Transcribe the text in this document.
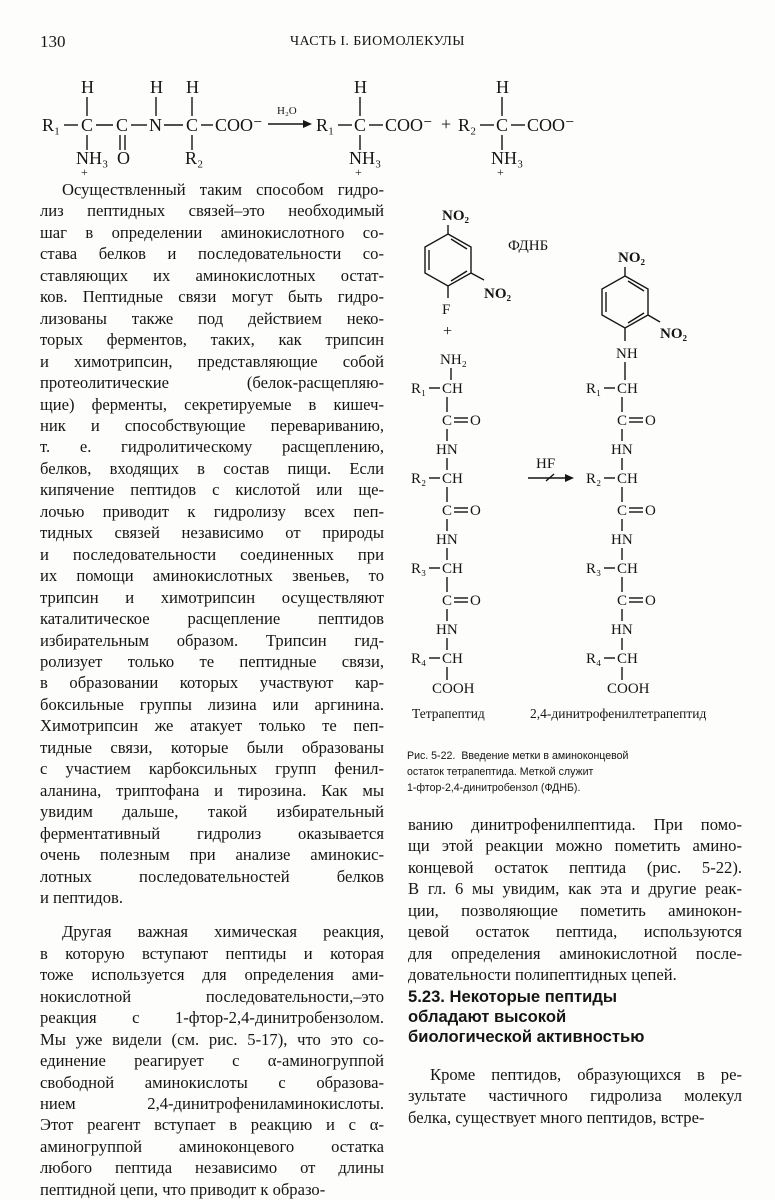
130	ЧАСТЬ I. БИОМОЛЕКУЛЫ
H	H H
R₁ C C N C COO⁻
NH₃
+
O	R₂
H₂O
H
R₁ C COO⁻
NH₃
+
+
H
R₂ C COO⁻
NH₃
+

Осуществленный таким способом гидро-
лиз пептидных связей–это необходимый
шаг в определении аминокислотного со-
става белков и последовательности со-
ставляющих их аминокислотных остат-
ков. Пептидные связи могут быть гидро-
лизованы также под действием неко-
торых ферментов, таких, как трипсин
и химотрипсин, представляющие собой
протеолитические (белок-расщепляю-
щие) ферменты, секретируемые в кишеч-
ник и способствующие перевариванию,
т. е. гидролитическому расщеплению,
белков, входящих в состав пищи. Если
кипячение пептидов с кислотой или ще-
лочью приводит к гидролизу всех пеп-
тидных связей независимо от природы
и последовательности соединенных при
их помощи аминокислотных звеньев, то
трипсин и химотрипсин осуществляют
каталитическое расщепление пептидов
избирательным образом. Трипсин гид-
ролизует только те пептидные связи,
в образовании которых участвуют кар-
боксильные группы лизина или аргинина.
Химотрипсин же атакует только те пеп-
тидные связи, которые были образованы
с участием карбоксильных групп фенил-
аланина, триптофана и тирозина. Как мы
увидим дальше, такой избирательный
ферментативный гидролиз оказывается
очень полезным при анализе аминокис-
лотных последовательностей белков
и пептидов.

Другая важная химическая реакция,
в которую вступают пептиды и которая
тоже используется для определения ами-
нокислотной последовательности,–это
реакция с 1-фтор-2,4-динитробензолом.
Мы уже видели (см. рис. 5-17), что это со-
единение реагирует с α-аминогруппой
свободной аминокислоты с образова-
нием 2,4-динитрофениламинокислоты.
Этот реагент вступает в реакцию и с α-
аминогруппой аминоконцевого остатка
любого пептида независимо от длины
пептидной цепи, что приводит к образо-

NO₂
NO₂
F
ФДНБ
+
NH₂
R₁ CH
C O
HN
R₂ CH
C O
HN
R₃ CH
C O
HN
R₄ CH
COOH
HF
NO₂
NO₂
NH
R₁ CH
C O
HN
R₂ CH
C O
HN
R₃ CH
C O
HN
R₄ CH
COOH
Тетрапептид	2,4-динитрофенилтетрапептид
Рис. 5-22. Введение метки в аминоконцевой
остаток тетрапептида. Меткой служит
1-фтор-2,4-динитробензол (ФДНБ).

ванию динитрофенилпептида. При помо-
щи этой реакции можно пометить амино-
концевой остаток пептида (рис. 5-22).
В гл. 6 мы увидим, как эта и другие реак-
ции, позволяющие пометить аминокон-
цевой остаток пептида, используются
для определения аминокислотной после-
довательности полипептидных цепей.

5.23. Некоторые пептиды
обладают высокой
биологической активностью

Кроме пептидов, образующихся в ре-
зультате частичного гидролиза молекул
белка, существует много пептидов, встре-
